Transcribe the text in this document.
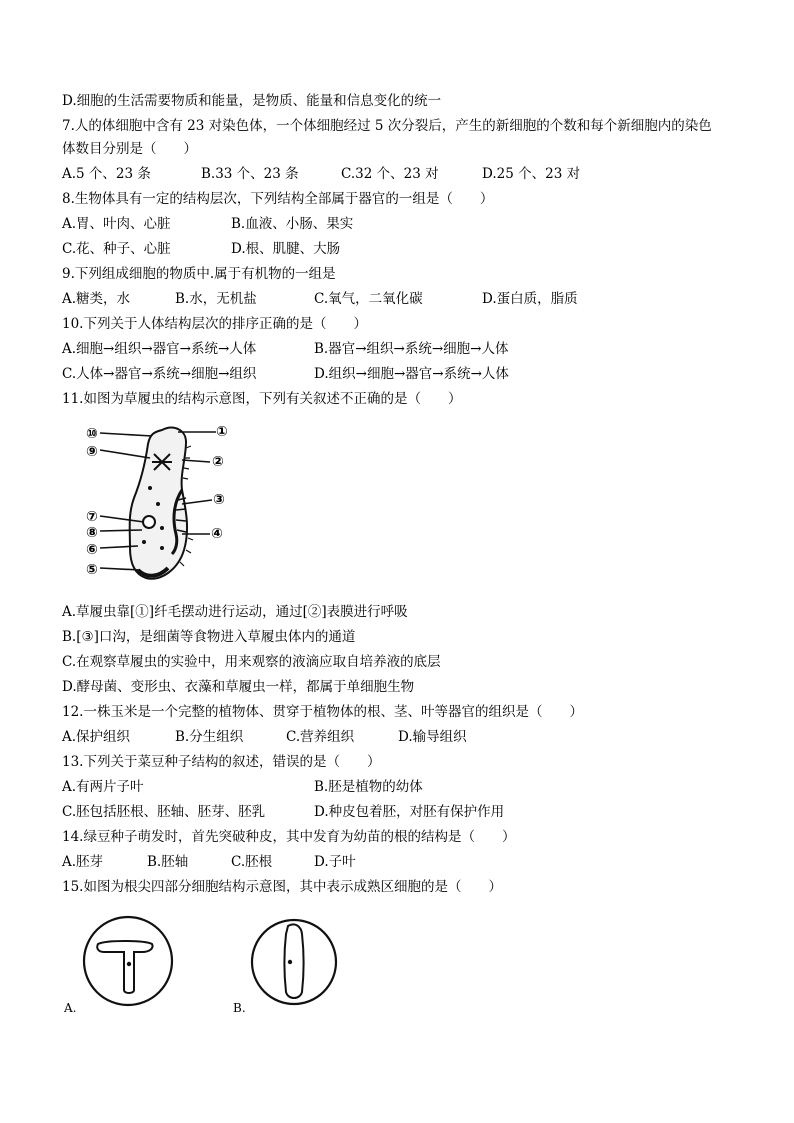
D.细胞的生活需要物质和能量，是物质、能量和信息变化的统一
7.人的体细胞中含有 23 对染色体，一个体细胞经过 5 次分裂后，产生的新细胞的个数和每个新细胞内的染色
体数目分别是（　　）
A.5 个、23 条	B.33 个、23 条	C.32 个、23 对	D.25 个、23 对
8.生物体具有一定的结构层次，下列结构全部属于器官的一组是（　　）
A.胃、叶肉、心脏	B.血液、小肠、果实
C.花、种子、心脏	D.根、肌腱、大肠
9.下列组成细胞的物质中.属于有机物的一组是
A.糖类，水	B.水，无机盐	C.氧气，二氧化碳	D.蛋白质，脂质
10.下列关于人体结构层次的排序正确的是（　　）
A.细胞→组织→器官→系统→人体	B.器官→组织→系统→细胞→人体
C.人体→器官→系统→细胞→组织	D.组织→细胞→器官→系统→人体
11.如图为草履虫的结构示意图，下列有关叙述不正确的是（　　）
⑩
⑨
⑦
⑧
⑥
⑤
①
②
③
④
A.草履虫靠[①]纤毛摆动进行运动，通过[②]表膜进行呼吸
B.[③]口沟，是细菌等食物进入草履虫体内的通道
C.在观察草履虫的实验中，用来观察的液滴应取自培养液的底层
D.酵母菌、变形虫、衣藻和草履虫一样，都属于单细胞生物
12.一株玉米是一个完整的植物体、贯穿于植物体的根、茎、叶等器官的组织是（　　）
A.保护组织	B.分生组织	C.营养组织	D.输导组织
13.下列关于菜豆种子结构的叙述，错误的是（　　）
A.有两片子叶	B.胚是植物的幼体
C.胚包括胚根、胚轴、胚芽、胚乳	D.种皮包着胚，对胚有保护作用
14.绿豆种子萌发时，首先突破种皮，其中发育为幼苗的根的结构是（　　）
A.胚芽	B.胚轴	C.胚根	D.子叶
15.如图为根尖四部分细胞结构示意图，其中表示成熟区细胞的是（　　）
A.	B.
